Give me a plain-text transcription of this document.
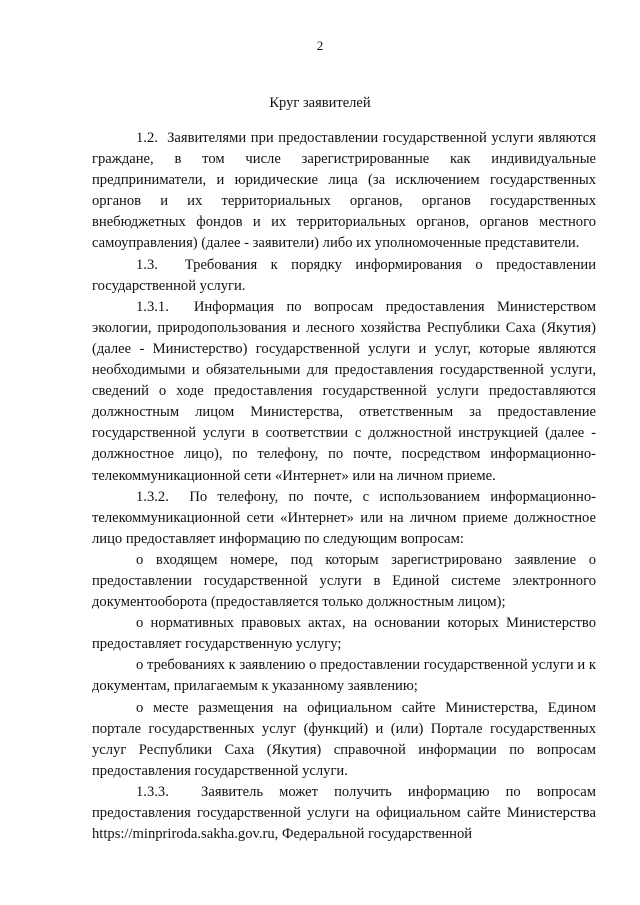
2
Круг заявителей

1.2.  Заявителями при предоставлении государственной услуги являются граждане, в том числе зарегистрированные как индивидуальные предприниматели, и юридические лица (за исключением государственных органов и их территориальных органов, органов государственных внебюджетных фондов и их территориальных органов, органов местного самоуправления) (далее - заявители) либо их уполномоченные представители.

1.3.  Требования к порядку информирования о предоставлении государственной услуги.

1.3.1.  Информация по вопросам предоставления Министерством экологии, природопользования и лесного хозяйства Республики Саха (Якутия) (далее - Министерство) государственной услуги и услуг, которые являются необходимыми и обязательными для предоставления государственной услуги, сведений о ходе предоставления государственной услуги предоставляются должностным лицом Министерства, ответственным за предоставление государственной услуги в соответствии с должностной инструкцией (далее - должностное лицо), по телефону, по почте, посредством информационно-телекоммуникационной сети «Интернет» или на личном приеме.

1.3.2.  По телефону, по почте, с использованием информационно-телекоммуникационной сети «Интернет» или на личном приеме должностное лицо предоставляет информацию по следующим вопросам:

о входящем номере, под которым зарегистрировано заявление о предоставлении государственной услуги в Единой системе электронного документооборота (предоставляется только должностным лицом);

о нормативных правовых актах, на основании которых Министерство предоставляет государственную услугу;

о требованиях к заявлению о предоставлении государственной услуги и к документам, прилагаемым к указанному заявлению;

о месте размещения на официальном сайте Министерства, Едином портале государственных услуг (функций) и (или) Портале государственных услуг Республики Саха (Якутия) справочной информации по вопросам предоставления государственной услуги.

1.3.3.  Заявитель может получить информацию по вопросам предоставления государственной услуги на официальном сайте Министерства https://minpriroda.sakha.gov.ru, Федеральной государственной
